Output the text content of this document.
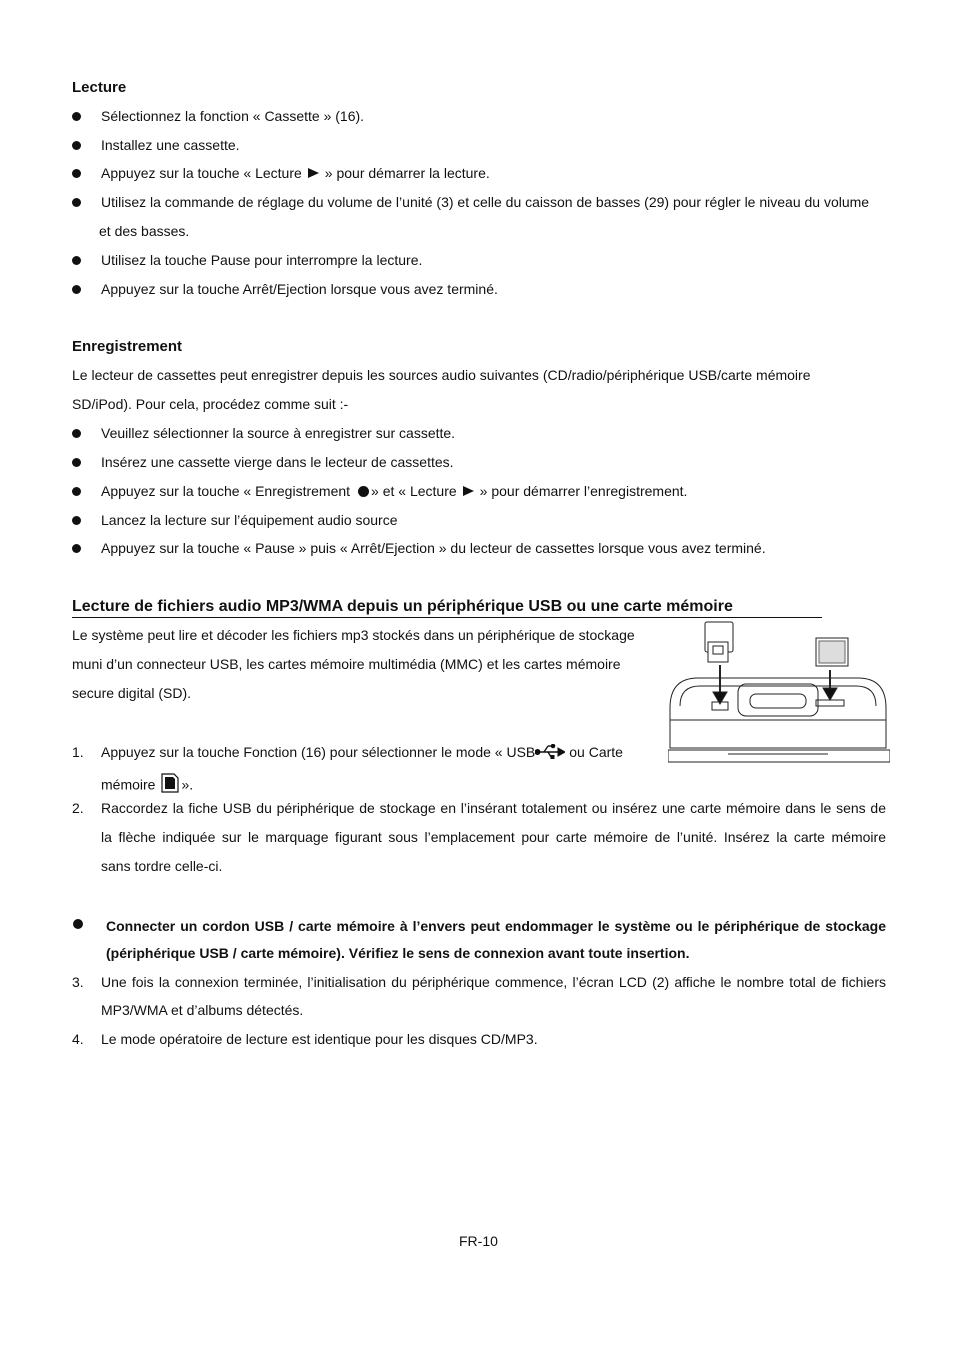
Lecture
Sélectionnez la fonction « Cassette » (16).
Installez une cassette.
Appuyez sur la touche « Lecture » pour démarrer la lecture.
Utilisez la commande de réglage du volume de l’unité (3) et celle du caisson de basses (29) pour régler le niveau du volume
et des basses.
Utilisez la touche Pause pour interrompre la lecture.
Appuyez sur la touche Arrêt/Ejection lorsque vous avez terminé.
Enregistrement
Le lecteur de cassettes peut enregistrer depuis les sources audio suivantes (CD/radio/périphérique USB/carte mémoire
SD/iPod). Pour cela, procédez comme suit :-
Veuillez sélectionner la source à enregistrer sur cassette.
Insérez une cassette vierge dans le lecteur de cassettes.
Appuyez sur la touche « Enregistrement » et « Lecture » pour démarrer l’enregistrement.
Lancez la lecture sur l’équipement audio source
Appuyez sur la touche « Pause » puis « Arrêt/Ejection » du lecteur de cassettes lorsque vous avez terminé.
Lecture de fichiers audio MP3/WMA depuis un périphérique USB ou une carte mémoire
Le système peut lire et décoder les fichiers mp3 stockés dans un périphérique de stockage
muni d’un connecteur USB, les cartes mémoire multimédia (MMC) et les cartes mémoire
secure digital (SD).
1. Appuyez sur la touche Fonction (16) pour sélectionner le mode « USB ou Carte
mémoire ».
2. Raccordez la fiche USB du périphérique de stockage en l’insérant totalement ou insérez une carte mémoire dans le sens de
la flèche indiquée sur le marquage figurant sous l’emplacement pour carte mémoire de l’unité. Insérez la carte mémoire
sans tordre celle-ci.
Connecter un cordon USB / carte mémoire à l’envers peut endommager le système ou le périphérique de stockage
(périphérique USB / carte mémoire). Vérifiez le sens de connexion avant toute insertion.
3. Une fois la connexion terminée, l’initialisation du périphérique commence, l’écran LCD (2) affiche le nombre total de fichiers
MP3/WMA et d’albums détectés.
4. Le mode opératoire de lecture est identique pour les disques CD/MP3.
FR-10
